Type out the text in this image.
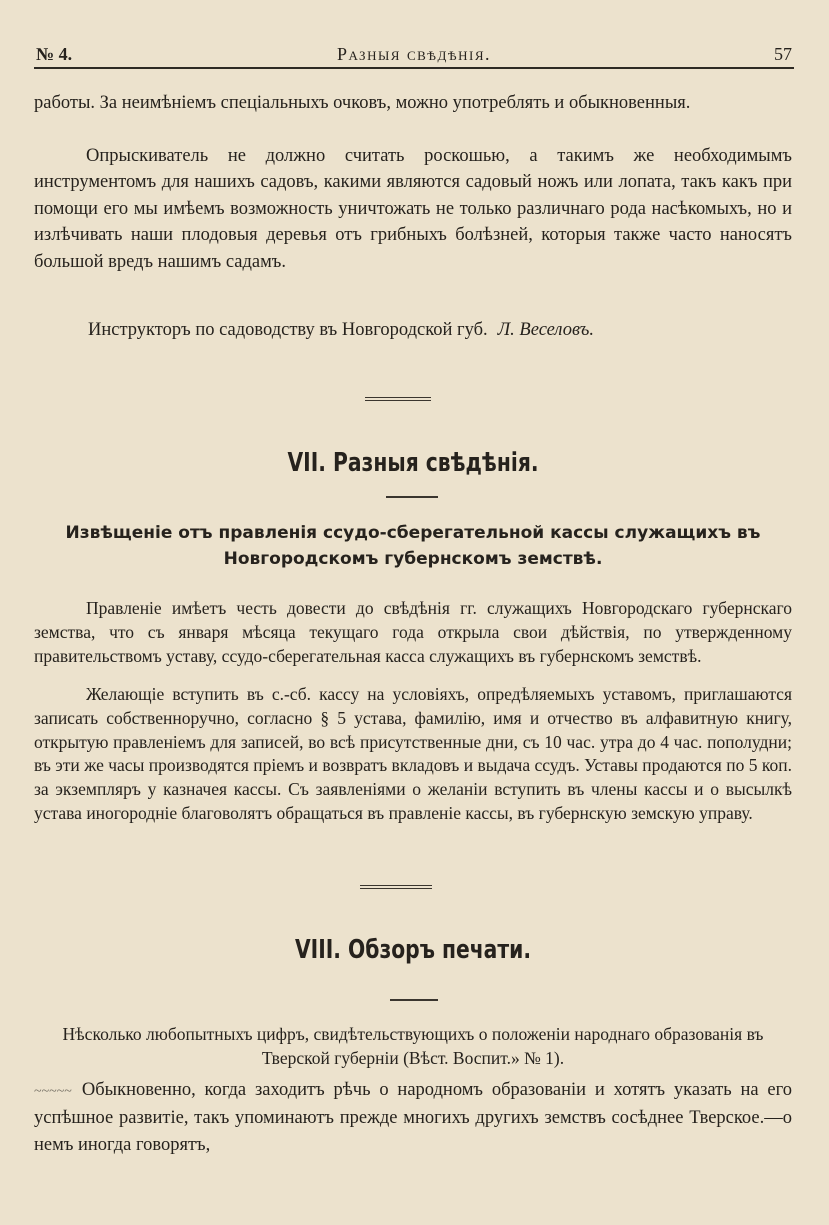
№ 4.	Разныя свѣдѣнія.	57

работы. За неимѣніемъ спеціальныхъ очковъ, можно употреблять и обыкновенныя.

Опрыскиватель не должно считать роскошью, а такимъ же необходимымъ инструментомъ для нашихъ садовъ, какими являются садовый ножъ или лопата, такъ какъ при помощи его мы имѣемъ возможность уничтожать не только различнаго рода насѣкомыхъ, но и излѣчивать наши плодовыя деревья отъ грибныхъ болѣзней, которыя также часто наносятъ большой вредъ нашимъ садамъ.

Инструкторъ по садоводству въ Новгородской губ. Л. Веселовъ.
VII. Разныя свѣдѣнія.
Извѣщеніе отъ правленія ссудо-сберегательной кассы служащихъ въ Новгородскомъ губернскомъ земствѣ.

Правленіе имѣетъ честь довести до свѣдѣнія гг. служащихъ Новгородскаго губернскаго земства, что съ января мѣсяца текущаго года открыла свои дѣйствія, по утвержденному правительствомъ уставу, ссудо-сберегательная касса служащихъ въ губернскомъ земствѣ.

Желающіе вступить въ с.-сб. кассу на условіяхъ, опредѣляемыхъ уставомъ, приглашаются записать собственноручно, согласно § 5 устава, фамилію, имя и отчество въ алфавитную книгу, открытую правленіемъ для записей, во всѣ присутственные дни, съ 10 час. утра до 4 час. пополудни; въ эти же часы производятся пріемъ и возвратъ вкладовъ и выдача ссудъ. Уставы продаются по 5 коп. за экземпляръ у казначея кассы. Съ заявленіями о желаніи вступить въ члены кассы и о высылкѣ устава иногородніе благоволятъ обращаться въ правленіе кассы, въ губернскую земскую управу.

VIII. Обзоръ печати.
Нѣсколько любопытныхъ цифръ, свидѣтельствующихъ о положеніи народнаго образованія въ Тверской губерніи (Вѣст. Воспит.» № 1).

~~~~~ Обыкновенно, когда заходитъ рѣчь о народномъ образованіи и хотятъ указать на его успѣшное развитіе, такъ упоминаютъ прежде многихъ другихъ земствъ сосѣднее Тверское.—о немъ иногда говорятъ,
